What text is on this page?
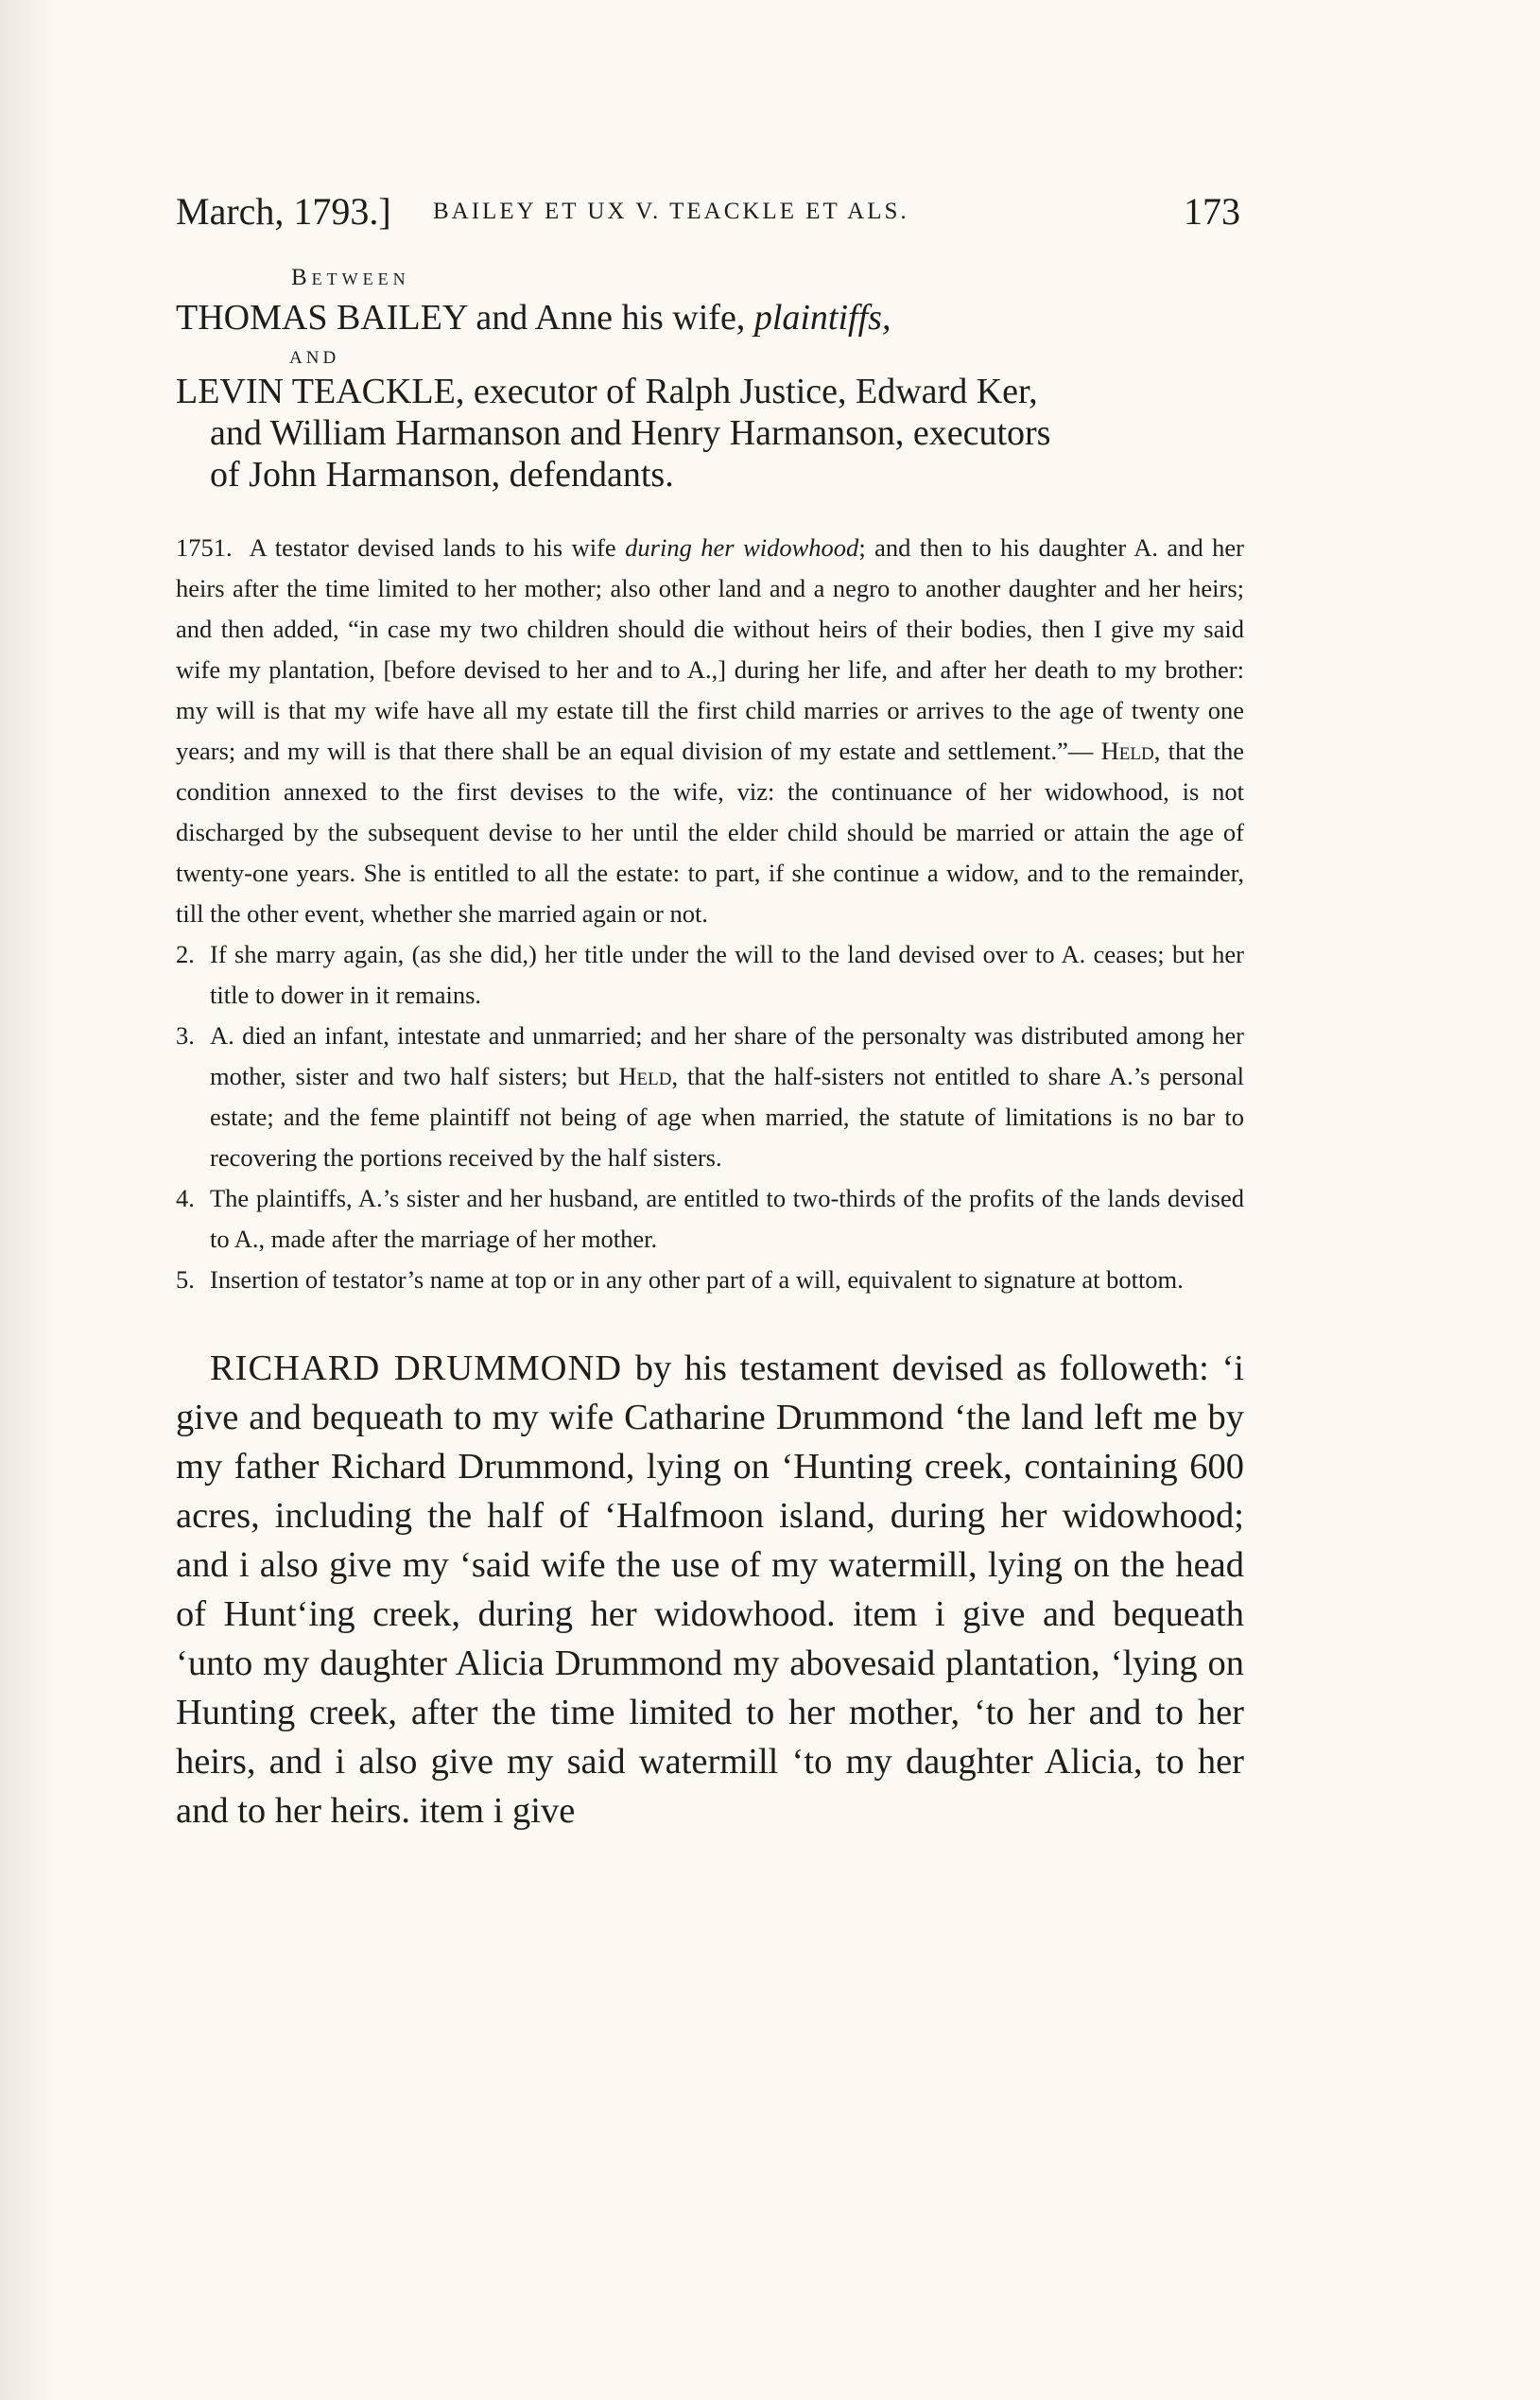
March, 1793.] BAILEY ET UX V. TEACKLE ET ALS.	173
Between
THOMAS BAILEY and Anne his wife, plaintiffs,
AND
LEVIN TEACKLE, executor of Ralph Justice, Edward Ker,
and William Harmanson and Henry Harmanson, executors
of John Harmanson, defendants.

1751. A testator devised lands to his wife during her widowhood; and then to his daughter A. and her heirs after the time limited to her mother; also other land and a negro to another daughter and her heirs; and then added, “in case my two children should die without heirs of their bodies, then I give my said wife my plantation, [before devised to her and to A.,] during her life, and after her death to my brother: my will is that my wife have all my estate till the first child marries or arrives to the age of twenty one years; and my will is that there shall be an equal division of my estate and settlement.”— Held, that the condition annexed to the first devises to the wife, viz: the continuance of her widowhood, is not discharged by the subsequent devise to her until the elder child should be married or attain the age of twenty-one years. She is entitled to all the estate: to part, if she continue a widow, and to the remainder, till the other event, whether she married again or not.

2. If she marry again, (as she did,) her title under the will to the land devised over to A. ceases; but her title to dower in it remains.

3. A. died an infant, intestate and unmarried; and her share of the personalty was distributed among her mother, sister and two half sisters; but Held, that the half-sisters not entitled to share A.’s personal estate; and the feme plaintiff not being of age when married, the statute of limitations is no bar to recovering the portions received by the half sisters.

4. The plaintiffs, A.’s sister and her husband, are entitled to two-thirds of the profits of the lands devised to A., made after the marriage of her mother.

5. Insertion of testator’s name at top or in any other part of a will, equivalent to signature at bottom.

RICHARD DRUMMOND by his testament devised as followeth: ‘i give and bequeath to my wife Catharine Drummond ‘the land left me by my father Richard Drummond, lying on ‘Hunting creek, containing 600 acres, including the half of ‘Halfmoon island, during her widowhood; and i also give my ‘said wife the use of my watermill, lying on the head of Hunt‘ing creek, during her widowhood. item i give and bequeath ‘unto my daughter Alicia Drummond my abovesaid plantation, ‘lying on Hunting creek, after the time limited to her mother, ‘to her and to her heirs, and i also give my said watermill ‘to my daughter Alicia, to her and to her heirs. item i give
